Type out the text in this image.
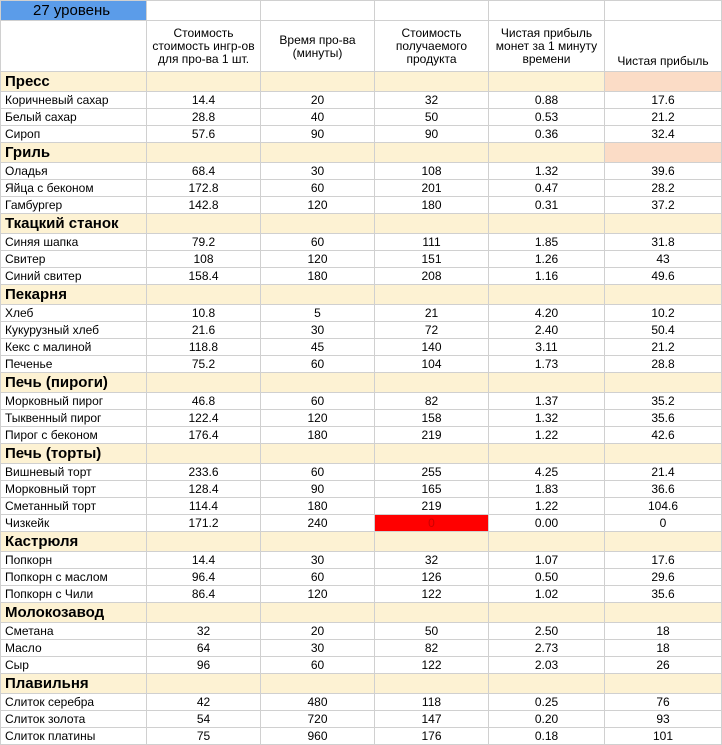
27 уровень					
	Стоимость стоимость ингр-ов для про-ва 1 шт.	Время про-ва (минуты)	Стоимость получаемого продукта	Чистая прибыль монет за 1 минуту времени	Чистая прибыль
Пресс					
Коричневый сахар	14.4	20	32	0.88	17.6
Белый сахар	28.8	40	50	0.53	21.2
Сироп	57.6	90	90	0.36	32.4
Гриль					
Оладья	68.4	30	108	1.32	39.6
Яйца с беконом	172.8	60	201	0.47	28.2
Гамбургер	142.8	120	180	0.31	37.2
Ткацкий станок					
Синяя шапка	79.2	60	111	1.85	31.8
Свитер	108	120	151	1.26	43
Синий свитер	158.4	180	208	1.16	49.6
Пекарня					
Хлеб	10.8	5	21	4.20	10.2
Кукурузный хлеб	21.6	30	72	2.40	50.4
Кекс с малиной	118.8	45	140	3.11	21.2
Печенье	75.2	60	104	1.73	28.8
Печь (пироги)					
Морковный пирог	46.8	60	82	1.37	35.2
Тыквенный пирог	122.4	120	158	1.32	35.6
Пирог с беконом	176.4	180	219	1.22	42.6
Печь (торты)					
Вишневый торт	233.6	60	255	4.25	21.4
Морковный торт	128.4	90	165	1.83	36.6
Сметанный торт	114.4	180	219	1.22	104.6
Чизкейк	171.2	240	0	0.00	0
Кастрюля					
Попкорн	14.4	30	32	1.07	17.6
Попкорн с маслом	96.4	60	126	0.50	29.6
Попкорн с Чили	86.4	120	122	1.02	35.6
Молокозавод					
Сметана	32	20	50	2.50	18
Масло	64	30	82	2.73	18
Сыр	96	60	122	2.03	26
Плавильня					
Слиток серебра	42	480	118	0.25	76
Слиток золота	54	720	147	0.20	93
Слиток платины	75	960	176	0.18	101
